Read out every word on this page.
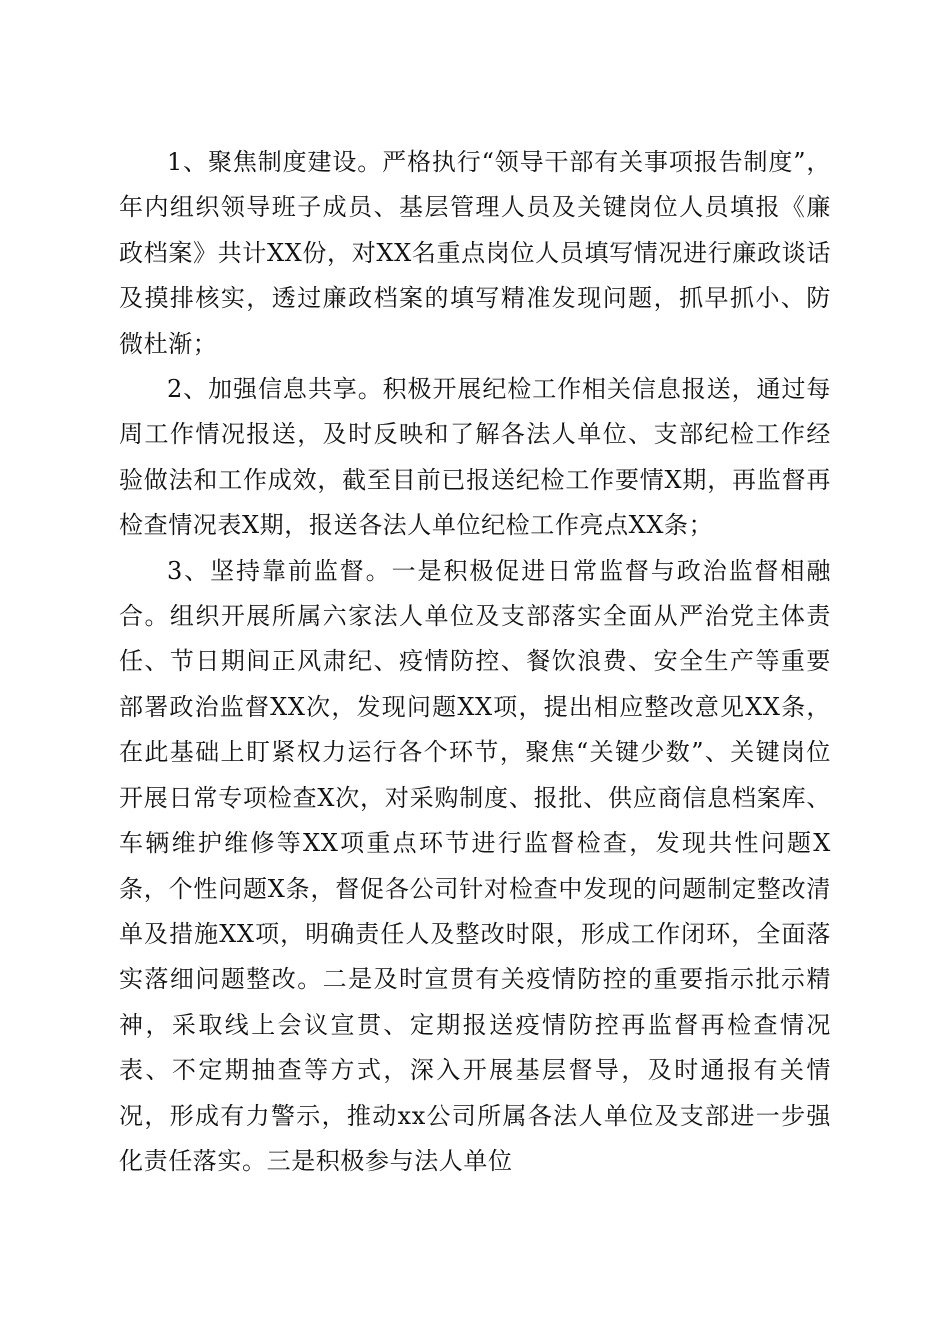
1、聚焦制度建设。严格执行“领导干部有关事项报告制度”，年内组织领导班子成员、基层管理人员及关键岗位人员填报《廉政档案》共计XX份，对XX名重点岗位人员填写情况进行廉政谈话及摸排核实，透过廉政档案的填写精准发现问题，抓早抓小、防微杜渐；

2、加强信息共享。积极开展纪检工作相关信息报送，通过每周工作情况报送，及时反映和了解各法人单位、支部纪检工作经验做法和工作成效，截至目前已报送纪检工作要情X期，再监督再检查情况表X期，报送各法人单位纪检工作亮点XX条；

3、坚持靠前监督。一是积极促进日常监督与政治监督相融合。组织开展所属六家法人单位及支部落实全面从严治党主体责任、节日期间正风肃纪、疫情防控、餐饮浪费、安全生产等重要部署政治监督XX次，发现问题XX项，提出相应整改意见XX条，在此基础上盯紧权力运行各个环节，聚焦“关键少数”、关键岗位开展日常专项检查X次，对采购制度、报批、供应商信息档案库、车辆维护维修等XX项重点环节进行监督检查，发现共性问题X条，个性问题X条，督促各公司针对检查中发现的问题制定整改清单及措施XX项，明确责任人及整改时限，形成工作闭环，全面落实落细问题整改。二是及时宣贯有关疫情防控的重要指示批示精神，采取线上会议宣贯、定期报送疫情防控再监督再检查情况表、不定期抽查等方式，深入开展基层督导，及时通报有关情况，形成有力警示，推动xx公司所属各法人单位及支部进一步强化责任落实。三是积极参与法人单位
